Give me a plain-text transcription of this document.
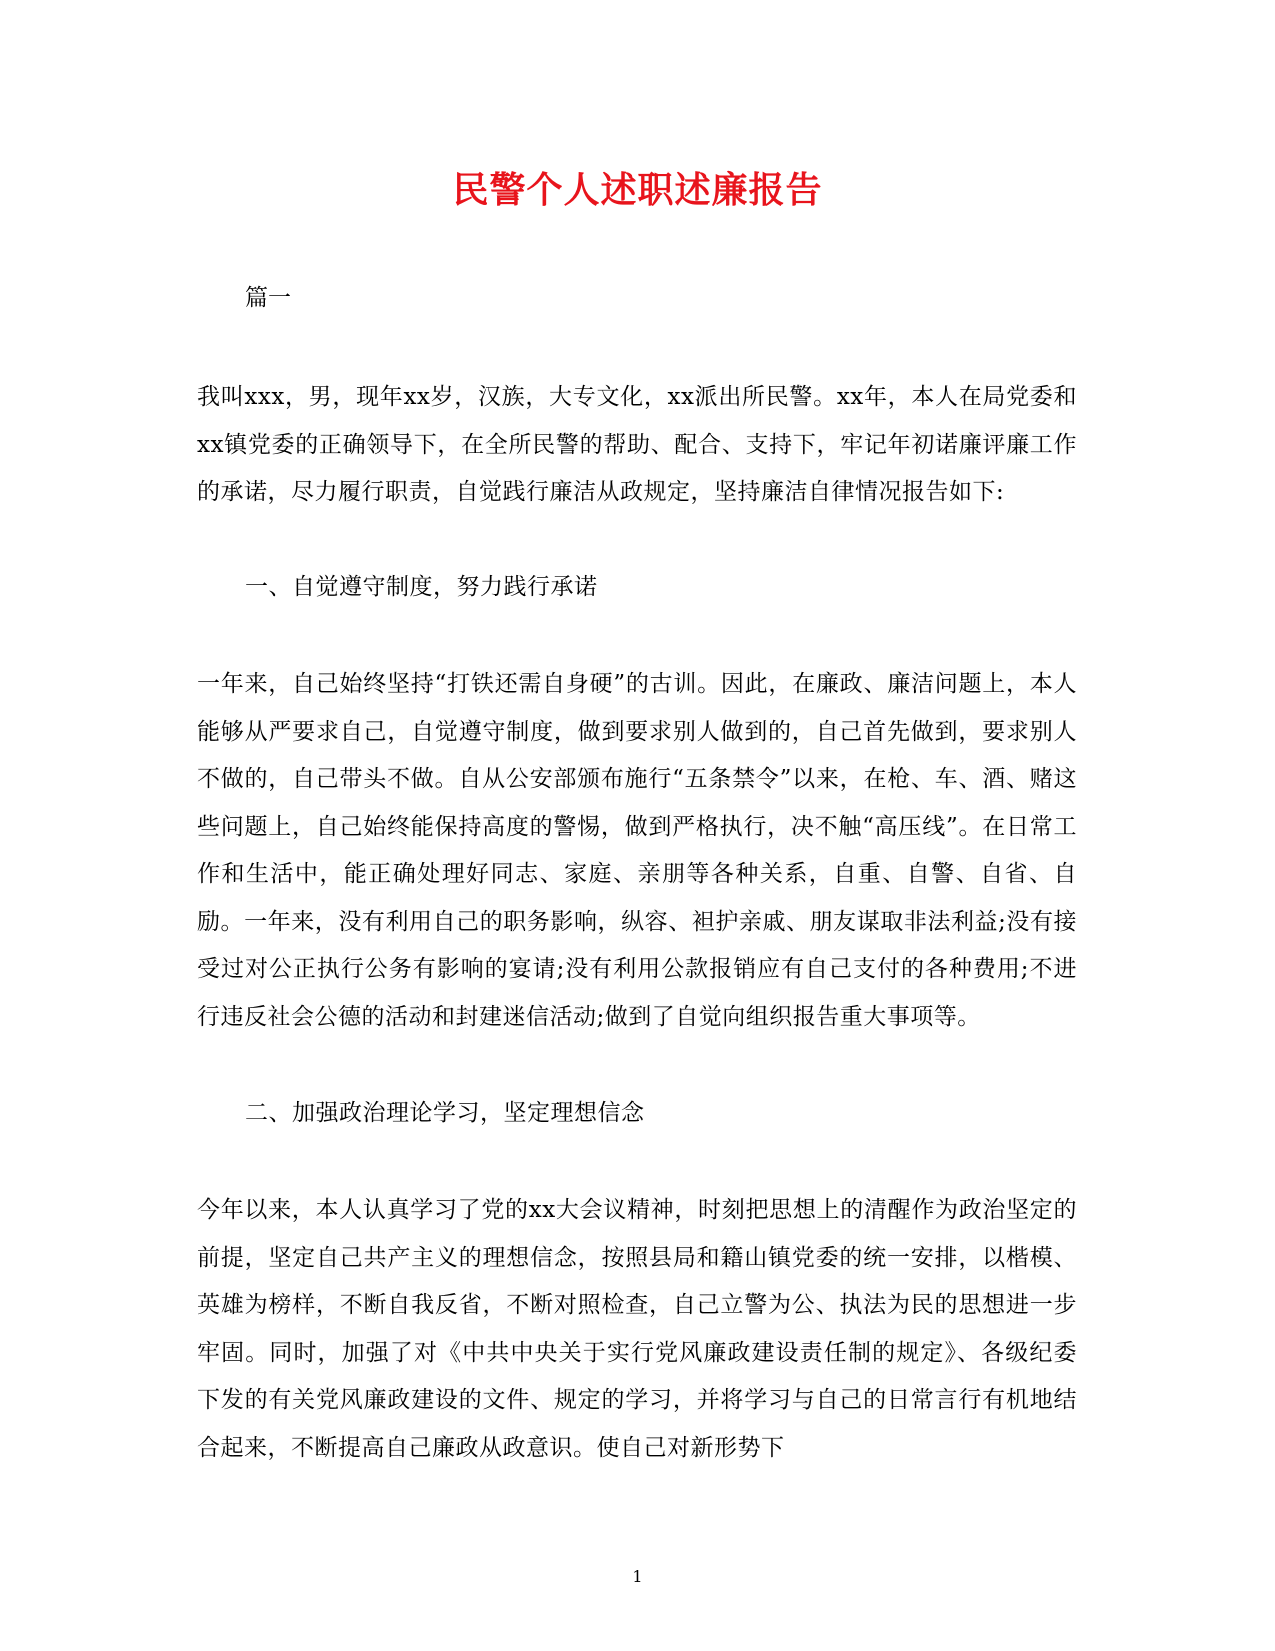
民警个人述职述廉报告

篇一

我叫xxx，男，现年xx岁，汉族，大专文化，xx派出所民警。xx年，本人在局党委和xx镇党委的正确领导下，在全所民警的帮助、配合、支持下，牢记年初诺廉评廉工作的承诺，尽力履行职责，自觉践行廉洁从政规定，坚持廉洁自律情况报告如下:

一、自觉遵守制度，努力践行承诺

一年来，自己始终坚持“打铁还需自身硬”的古训。因此，在廉政、廉洁问题上，本人能够从严要求自己，自觉遵守制度，做到要求别人做到的，自己首先做到，要求别人不做的，自己带头不做。自从公安部颁布施行“五条禁令”以来，在枪、车、酒、赌这些问题上，自己始终能保持高度的警惕，做到严格执行，决不触“高压线”。在日常工作和生活中，能正确处理好同志、家庭、亲朋等各种关系，自重、自警、自省、自励。一年来，没有利用自己的职务影响，纵容、袒护亲戚、朋友谋取非法利益;没有接受过对公正执行公务有影响的宴请;没有利用公款报销应有自己支付的各种费用;不进行违反社会公德的活动和封建迷信活动;做到了自觉向组织报告重大事项等。

二、加强政治理论学习，坚定理想信念

今年以来，本人认真学习了党的xx大会议精神，时刻把思想上的清醒作为政治坚定的前提，坚定自己共产主义的理想信念，按照县局和籍山镇党委的统一安排，以楷模、英雄为榜样，不断自我反省，不断对照检查，自己立警为公、执法为民的思想进一步牢固。同时，加强了对《中共中央关于实行党风廉政建设责任制的规定》、各级纪委下发的有关党风廉政建设的文件、规定的学习，并将学习与自己的日常言行有机地结合起来，不断提高自己廉政从政意识。使自己对新形势下

1
